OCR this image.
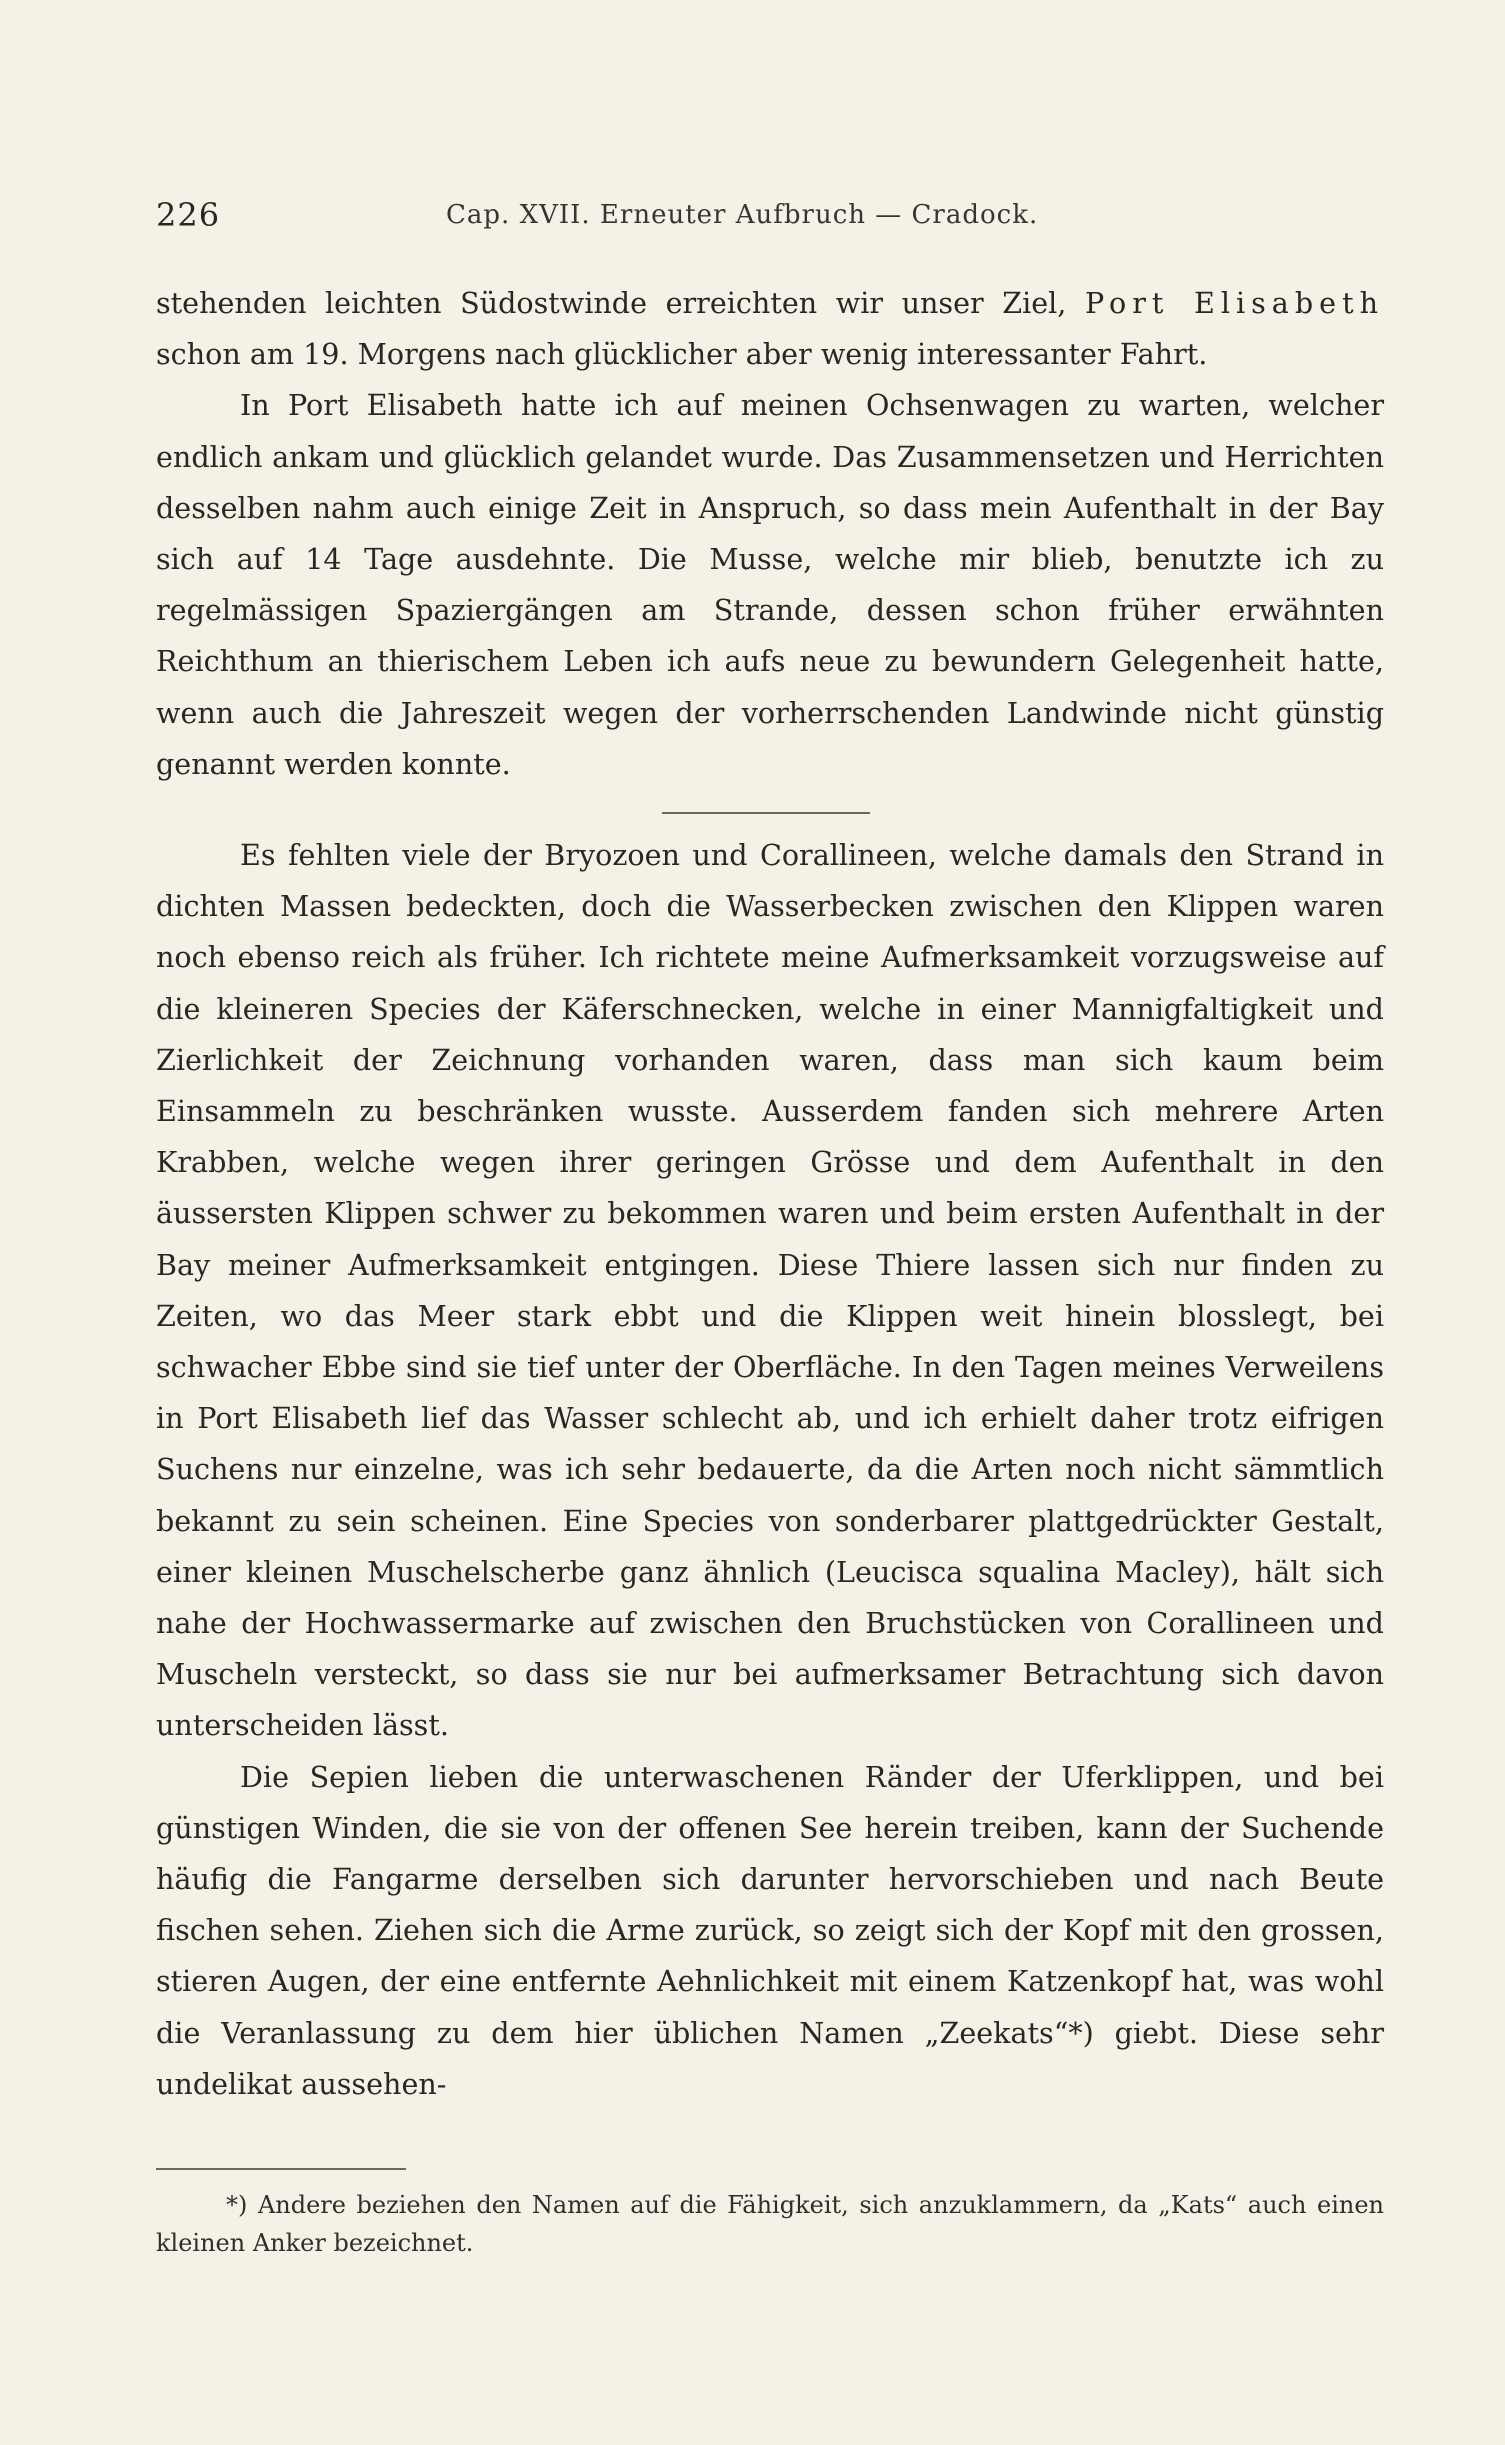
226	Cap. XVII. Erneuter Aufbruch — Cradock.

stehenden leichten Südostwinde erreichten wir unser Ziel, Port Elisabeth schon am 19. Morgens nach glücklicher aber wenig interessanter Fahrt.

In Port Elisabeth hatte ich auf meinen Ochsenwagen zu warten, welcher endlich ankam und glücklich gelandet wurde. Das Zusammensetzen und Herrichten desselben nahm auch einige Zeit in Anspruch, so dass mein Aufenthalt in der Bay sich auf 14 Tage ausdehnte. Die Musse, welche mir blieb, benutzte ich zu regelmässigen Spaziergängen am Strande, dessen schon früher erwähnten Reichthum an thierischem Leben ich aufs neue zu bewundern Gelegenheit hatte, wenn auch die Jahreszeit wegen der vorherrschenden Landwinde nicht günstig genannt werden konnte.

Es fehlten viele der Bryozoen und Corallineen, welche damals den Strand in dichten Massen bedeckten, doch die Wasserbecken zwischen den Klippen waren noch ebenso reich als früher. Ich richtete meine Aufmerksamkeit vorzugsweise auf die kleineren Species der Käferschnecken, welche in einer Mannigfaltigkeit und Zierlichkeit der Zeichnung vorhanden waren, dass man sich kaum beim Einsammeln zu beschränken wusste. Ausserdem fanden sich mehrere Arten Krabben, welche wegen ihrer geringen Grösse und dem Aufenthalt in den äussersten Klippen schwer zu bekommen waren und beim ersten Aufenthalt in der Bay meiner Aufmerksamkeit entgingen. Diese Thiere lassen sich nur finden zu Zeiten, wo das Meer stark ebbt und die Klippen weit hinein blosslegt, bei schwacher Ebbe sind sie tief unter der Oberfläche. In den Tagen meines Verweilens in Port Elisabeth lief das Wasser schlecht ab, und ich erhielt daher trotz eifrigen Suchens nur einzelne, was ich sehr bedauerte, da die Arten noch nicht sämmtlich bekannt zu sein scheinen. Eine Species von sonderbarer plattgedrückter Gestalt, einer kleinen Muschelscherbe ganz ähnlich (Leucisca squalina Macley), hält sich nahe der Hochwassermarke auf zwischen den Bruchstücken von Corallineen und Muscheln versteckt, so dass sie nur bei aufmerksamer Betrachtung sich davon unterscheiden lässt.

Die Sepien lieben die unterwaschenen Ränder der Uferklippen, und bei günstigen Winden, die sie von der offenen See herein treiben, kann der Suchende häufig die Fangarme derselben sich darunter hervorschieben und nach Beute fischen sehen. Ziehen sich die Arme zurück, so zeigt sich der Kopf mit den grossen, stieren Augen, der eine entfernte Aehnlichkeit mit einem Katzenkopf hat, was wohl die Veranlassung zu dem hier üblichen Namen „Zeekats“*) giebt. Diese sehr undelikat aussehen-

*) Andere beziehen den Namen auf die Fähigkeit, sich anzuklammern, da „Kats“ auch einen kleinen Anker bezeichnet.
